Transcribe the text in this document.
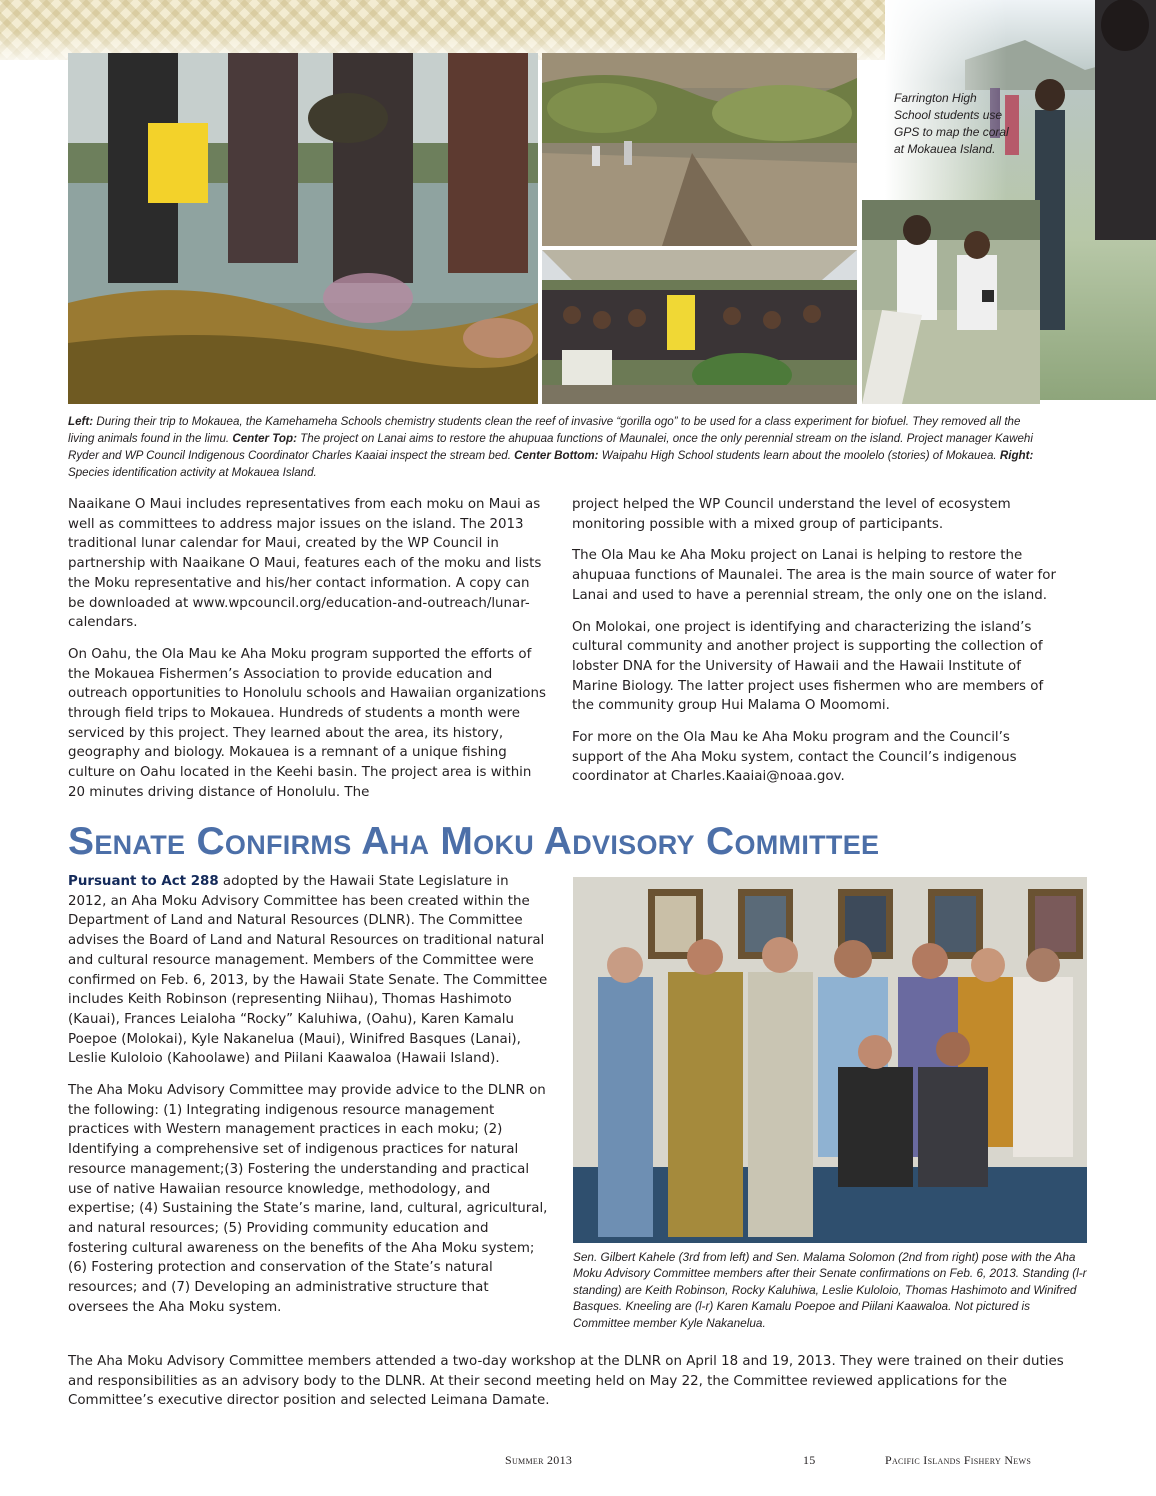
Farrington High School students use GPS to map the coral at Mokauea Island.
Left: During their trip to Mokauea, the Kamehameha Schools chemistry students clean the reef of invasive “gorilla ogo” to be used for a class experiment for biofuel. They removed all the living animals found in the limu. Center Top: The project on Lanai aims to restore the ahupuaa functions of Maunalei, once the only perennial stream on the island. Project manager Kawehi Ryder and WP Council Indigenous Coordinator Charles Kaaiai inspect the stream bed. Center Bottom: Waipahu High School students learn about the moolelo (stories) of Mokauea. Right: Species identification activity at Mokauea Island.

Naaikane O Maui includes representatives from each moku on Maui as well as committees to address major issues on the island. The 2013 traditional lunar calendar for Maui, created by the WP Council in partnership with Naaikane O Maui, features each of the moku and lists the Moku representative and his/her contact information. A copy can be downloaded at www.wpcouncil.org/education-and-outreach/lunar-calendars.

On Oahu, the Ola Mau ke Aha Moku program supported the efforts of the Mokauea Fishermen’s Association to provide education and outreach opportunities to Honolulu schools and Hawaiian organizations through field trips to Mokauea. Hundreds of students a month were serviced by this project. They learned about the area, its history, geography and biology. Mokauea is a remnant of a unique fishing culture on Oahu located in the Keehi basin. The project area is within 20 minutes driving distance of Honolulu. The

project helped the WP Council understand the level of ecosystem monitoring possible with a mixed group of participants.

The Ola Mau ke Aha Moku project on Lanai is helping to restore the ahupuaa functions of Maunalei. The area is the main source of water for Lanai and used to have a perennial stream, the only one on the island.

On Molokai, one project is identifying and characterizing the island’s cultural community and another project is supporting the collection of lobster DNA for the University of Hawaii and the Hawaii Institute of Marine Biology. The latter project uses fishermen who are members of the community group Hui Malama O Moomomi.

For more on the Ola Mau ke Aha Moku program and the Council’s support of the Aha Moku system, contact the Council’s indigenous coordinator at Charles.Kaaiai@noaa.gov.

Senate Confirms Aha Moku Advisory Committee

Pursuant to Act 288 adopted by the Hawaii State Legislature in 2012, an Aha Moku Advisory Committee has been created within the Department of Land and Natural Resources (DLNR). The Committee advises the Board of Land and Natural Resources on traditional natural and cultural resource management. Members of the Committee were confirmed on Feb. 6, 2013, by the Hawaii State Senate. The Committee includes Keith Robinson (representing Niihau), Thomas Hashimoto (Kauai), Frances Leialoha “Rocky” Kaluhiwa, (Oahu), Karen Kamalu Poepoe (Molokai), Kyle Nakanelua (Maui), Winifred Basques (Lanai), Leslie Kuloloio (Kahoolawe) and Piilani Kaawaloa (Hawaii Island).

The Aha Moku Advisory Committee may provide advice to the DLNR on the following: (1) Integrating indigenous resource management practices with Western management practices in each moku; (2) Identifying a comprehensive set of indigenous practices for natural resource management;(3) Fostering the understanding and practical use of native Hawaiian resource knowledge, methodology, and expertise; (4) Sustaining the State’s marine, land, cultural, agricultural, and natural resources; (5) Providing community education and fostering cultural awareness on the benefits of the Aha Moku system; (6) Fostering protection and conservation of the State’s natural resources; and (7) Developing an administrative structure that oversees the Aha Moku system.

Sen. Gilbert Kahele (3rd from left) and Sen. Malama Solomon (2nd from right) pose with the Aha Moku Advisory Committee members after their Senate confirmations on Feb. 6, 2013. Standing (l-r standing) are Keith Robinson, Rocky Kaluhiwa, Leslie Kuloloio, Thomas Hashimoto and Winifred Basques. Kneeling are (l-r) Karen Kamalu Poepoe and Piilani Kaawaloa. Not pictured is Committee member Kyle Nakanelua.

The Aha Moku Advisory Committee members attended a two-day workshop at the DLNR on April 18 and 19, 2013. They were trained on their duties and responsibilities as an advisory body to the DLNR. At their second meeting held on May 22, the Committee reviewed applications for the Committee’s executive director position and selected Leimana Damate.

Summer 2013	15	Pacific Islands Fishery News
